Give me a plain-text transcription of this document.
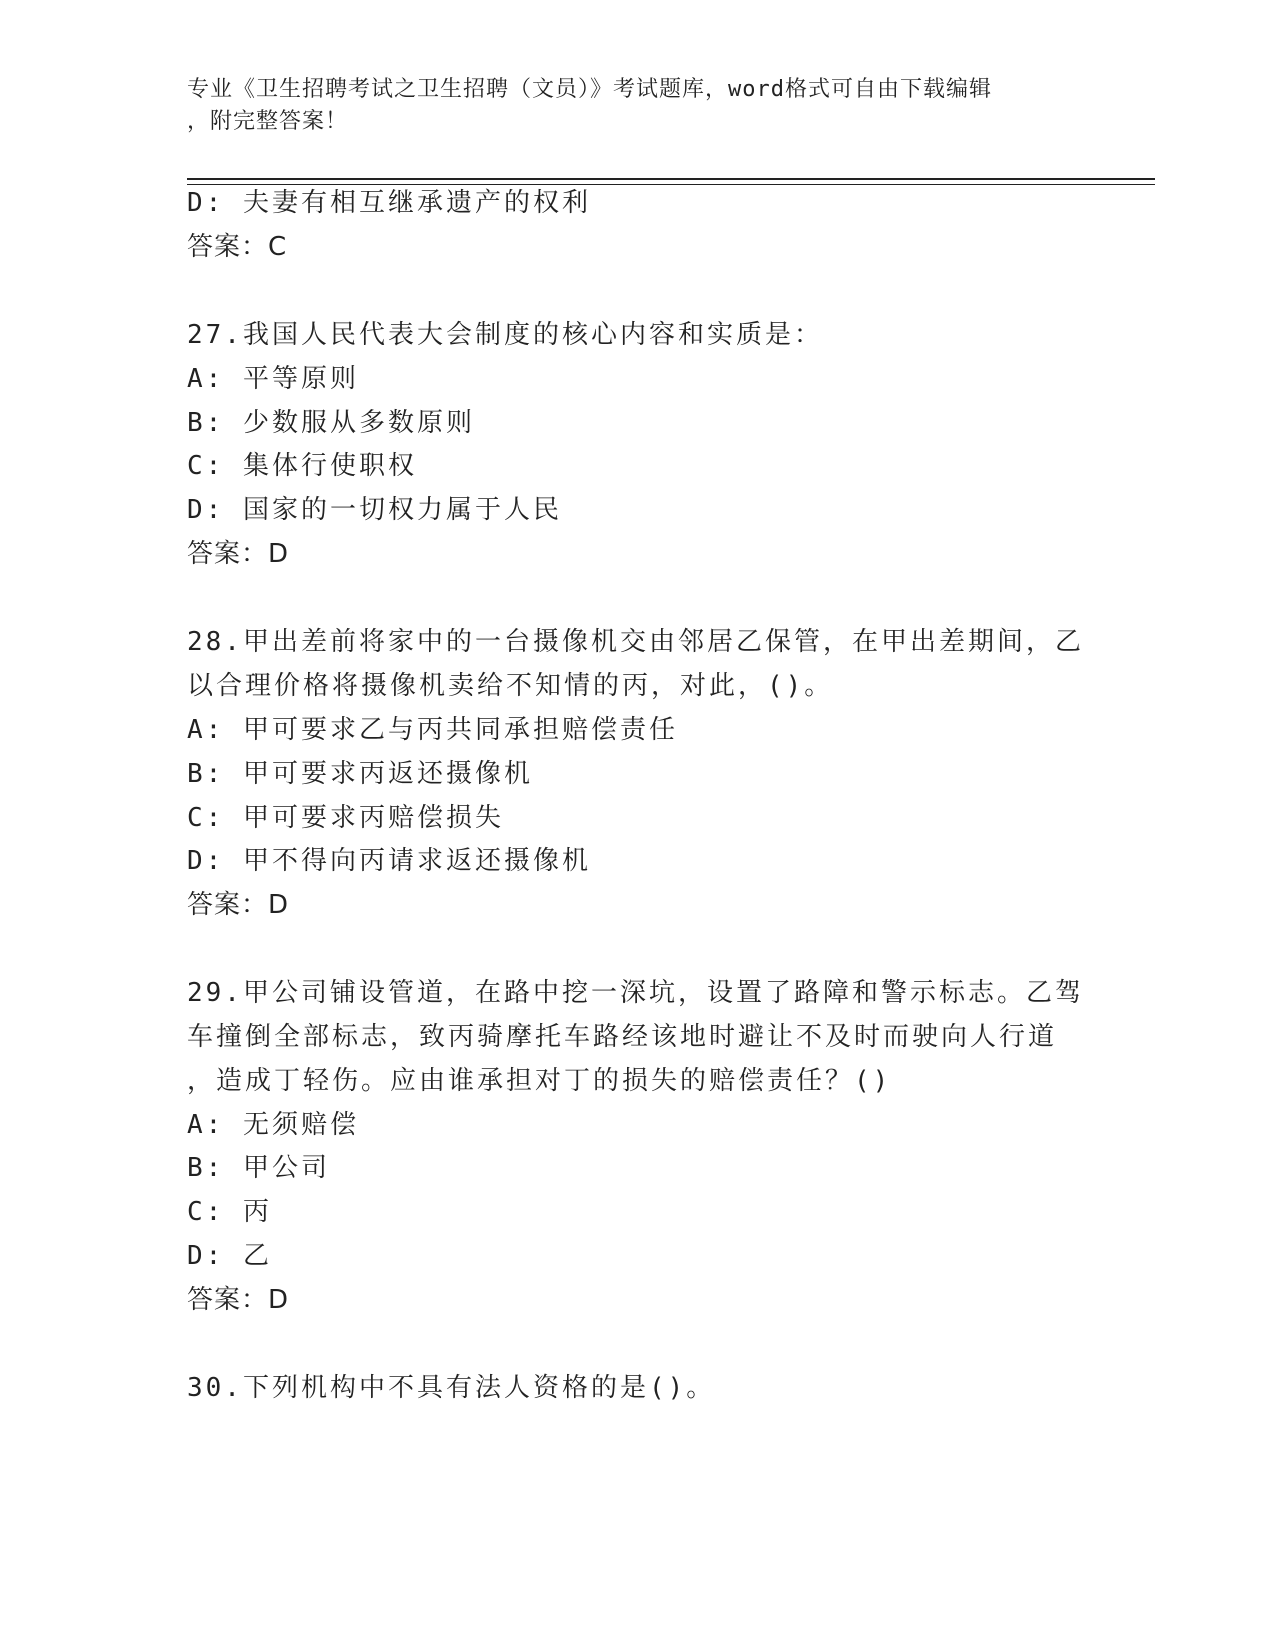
专业《卫生招聘考试之卫生招聘（文员）》考试题库，word格式可自由下载编辑
，附完整答案！
D: 夫妻有相互继承遗产的权利
答案：C
27.我国人民代表大会制度的核心内容和实质是：
A: 平等原则
B: 少数服从多数原则
C: 集体行使职权
D: 国家的一切权力属于人民
答案：D
28.甲出差前将家中的一台摄像机交由邻居乙保管，在甲出差期间，乙
以合理价格将摄像机卖给不知情的丙，对此，()。
A: 甲可要求乙与丙共同承担赔偿责任
B: 甲可要求丙返还摄像机
C: 甲可要求丙赔偿损失
D: 甲不得向丙请求返还摄像机
答案：D
29.甲公司铺设管道，在路中挖一深坑，设置了路障和警示标志。乙驾
车撞倒全部标志，致丙骑摩托车路经该地时避让不及时而驶向人行道
，造成丁轻伤。应由谁承担对丁的损失的赔偿责任？()
A: 无须赔偿
B: 甲公司
C: 丙
D: 乙
答案：D
30.下列机构中不具有法人资格的是()。
